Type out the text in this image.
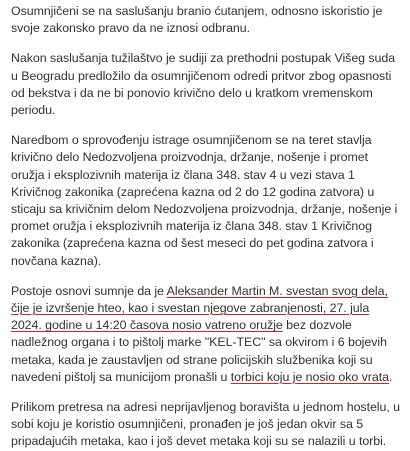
Osumnjičeni se na saslušanju branio ćutanjem, odnosno iskoristio je svoje zakonsko pravo da ne iznosi odbranu.

Nakon saslušanja tužilaštvo je sudiji za prethodni postupak Višeg suda u Beogradu predložilo da osumnjičenom odredi pritvor zbog opasnosti od bekstva i da ne bi ponovio krivično delo u kratkom vremenskom periodu.

Naredbom o sprovođenju istrage osumnjičenom se na teret stavlja krivično delo Nedozvoljena proizvodnja, držanje, nošenje i promet oružja i eksplozivnih materija iz člana 348. stav 4 u vezi stava 1 Krivičnog zakonika (zaprećena kazna od 2 do 12 godina zatvora) u sticaju sa krivičnim delom Nedozvoljena proizvodnja, držanje, nošenje i promet oružja i eksplozivnih materija iz člana 348. stav 1 Krivičnog zakonika (zaprećena kazna od šest meseci do pet godina zatvora i novčana kazna).

Postoje osnovi sumnje da je Aleksander Martin M. svestan svog dela, čije je izvršenje hteo, kao i svestan njegove zabranjenosti, 27. jula 2024. godine u 14:20 časova nosio vatreno oružje bez dozvole nadležnog organa i to pištolj marke "KEL-TEC" sa okvirom i 6 bojevih metaka, kada je zaustavljen od strane policijskih službenika koji su navedeni pištolj sa municijom pronašli u torbici koju je nosio oko vrata.

Prilikom pretresa na adresi neprijavljenog boravišta u jednom hostelu, u sobi koju je koristio osumnjičeni, pronađen je još jedan okvir sa 5 pripadajućih metaka, kao i još devet metaka koji su se nalazili u torbi.
